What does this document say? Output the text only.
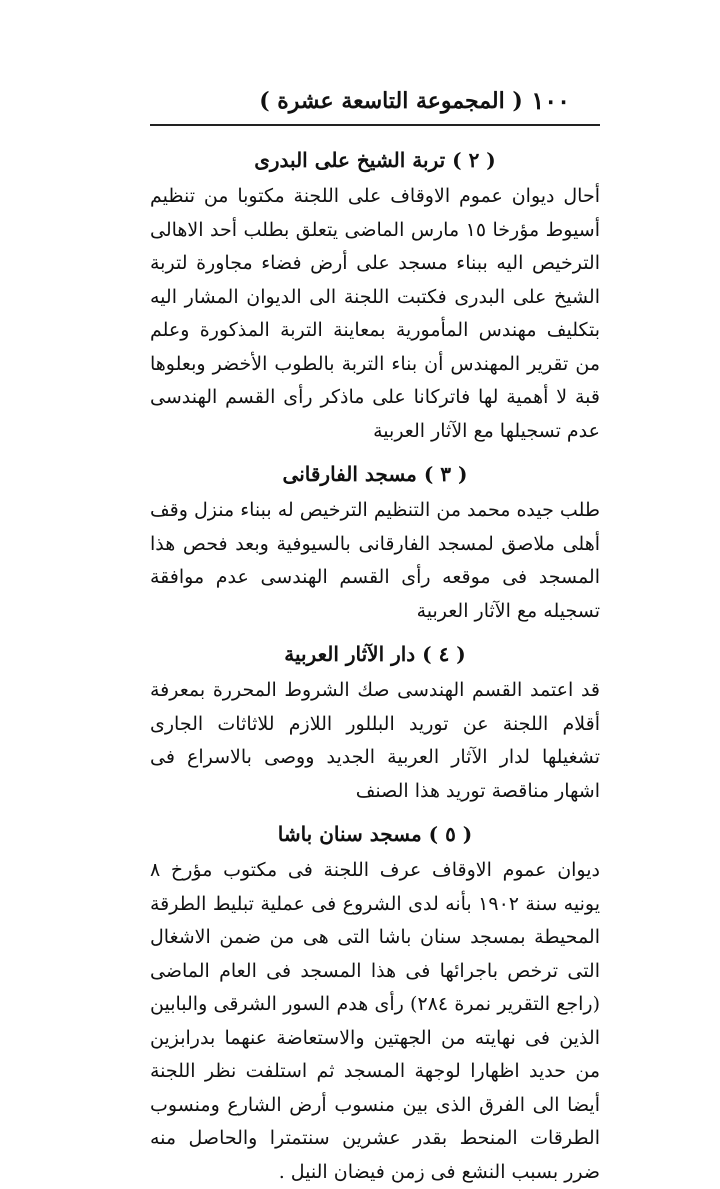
١٠٠
( المجموعة التاسعة عشرة )
( ٢ ) تربة الشيخ على البدرى

أحال ديوان عموم الاوقاف على اللجنة مكتوبا من تنظيم أسيوط مؤرخا ١٥ مارس الماضى يتعلق بطلب أحد الاهالى الترخيص اليه ببناء مسجد على أرض فضاء مجاورة لتربة الشيخ على البدرى فكتبت اللجنة الى الديوان المشار اليه بتكليف مهندس المأمورية بمعاينة التربة المذكورة وعلم من تقرير المهندس أن بناء التربة بالطوب الأخضر وبعلوها قبة لا أهمية لها فاتركانا على ماذكر رأى القسم الهندسى عدم تسجيلها مع الآثار العربية

( ٣ ) مسجد الفارقانى

طلب جيده محمد من التنظيم الترخيص له ببناء منزل وقف أهلى ملاصق لمسجد الفارقانى بالسيوفية وبعد فحص هذا المسجد فى موقعه رأى القسم الهندسى عدم موافقة تسجيله مع الآثار العربية

( ٤ ) دار الآثار العربية

قد اعتمد القسم الهندسى صك الشروط المحررة بمعرفة أقلام اللجنة عن توريد البللور اللازم للاثاثات الجارى تشغيلها لدار الآثار العربية الجديد ووصى بالاسراع فى اشهار مناقصة توريد هذا الصنف

( ٥ ) مسجد سنان باشا

ديوان عموم الاوقاف عرف اللجنة فى مكتوب مؤرخ ٨ يونيه سنة ١٩٠٢ بأنه لدى الشروع فى عملية تبليط الطرقة المحيطة بمسجد سنان باشا التى هى من ضمن الاشغال التى ترخص باجرائها فى هذا المسجد فى العام الماضى (راجع التقرير نمرة ٢٨٤) رأى هدم السور الشرقى والبابين الذين فى نهايته من الجهتين والاستعاضة عنهما بدرابزين من حديد اظهارا لوجهة المسجد ثم استلفت نظر اللجنة أيضا الى الفرق الذى بين منسوب أرض الشارع ومنسوب الطرقات المنحط بقدر عشرين سنتمترا والحاصل منه ضرر بسبب النشع فى زمن فيضان النيل .
